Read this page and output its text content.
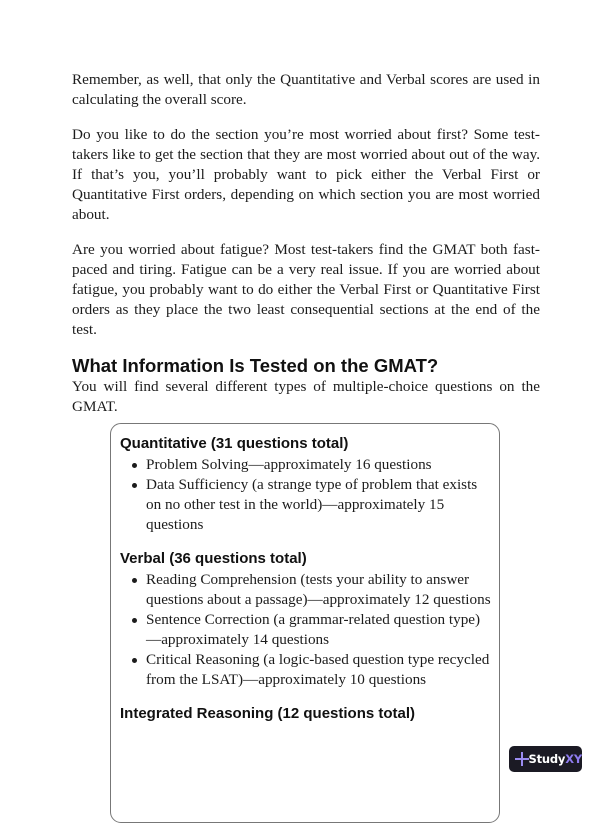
Remember, as well, that only the Quantitative and Verbal scores are used in calculating the overall score.

Do you like to do the section you’re most worried about first? Some test-takers like to get the section that they are most worried about out of the way. If that’s you, you’ll probably want to pick either the Verbal First or Quantitative First orders, depending on which section you are most worried about.

Are you worried about fatigue? Most test-takers find the GMAT both fast-paced and tiring. Fatigue can be a very real issue. If you are worried about fatigue, you probably want to do either the Verbal First or Quantitative First orders as they place the two least consequential sections at the end of the test.

What Information Is Tested on the GMAT?

You will find several different types of multiple-choice questions on the GMAT.

Quantitative (31 questions total)
Problem Solving—approximately 16 questions
Data Sufficiency (a strange type of problem that exists on no other test in the world)—approximately 15 questions
Verbal (36 questions total)
Reading Comprehension (tests your ability to answer questions about a passage)—approximately 12 questions
Sentence Correction (a grammar-related question type)—approximately 14 questions
Critical Reasoning (a logic-based question type recycled from the LSAT)—approximately 10 questions
Integrated Reasoning (12 questions total)
StudyXY
